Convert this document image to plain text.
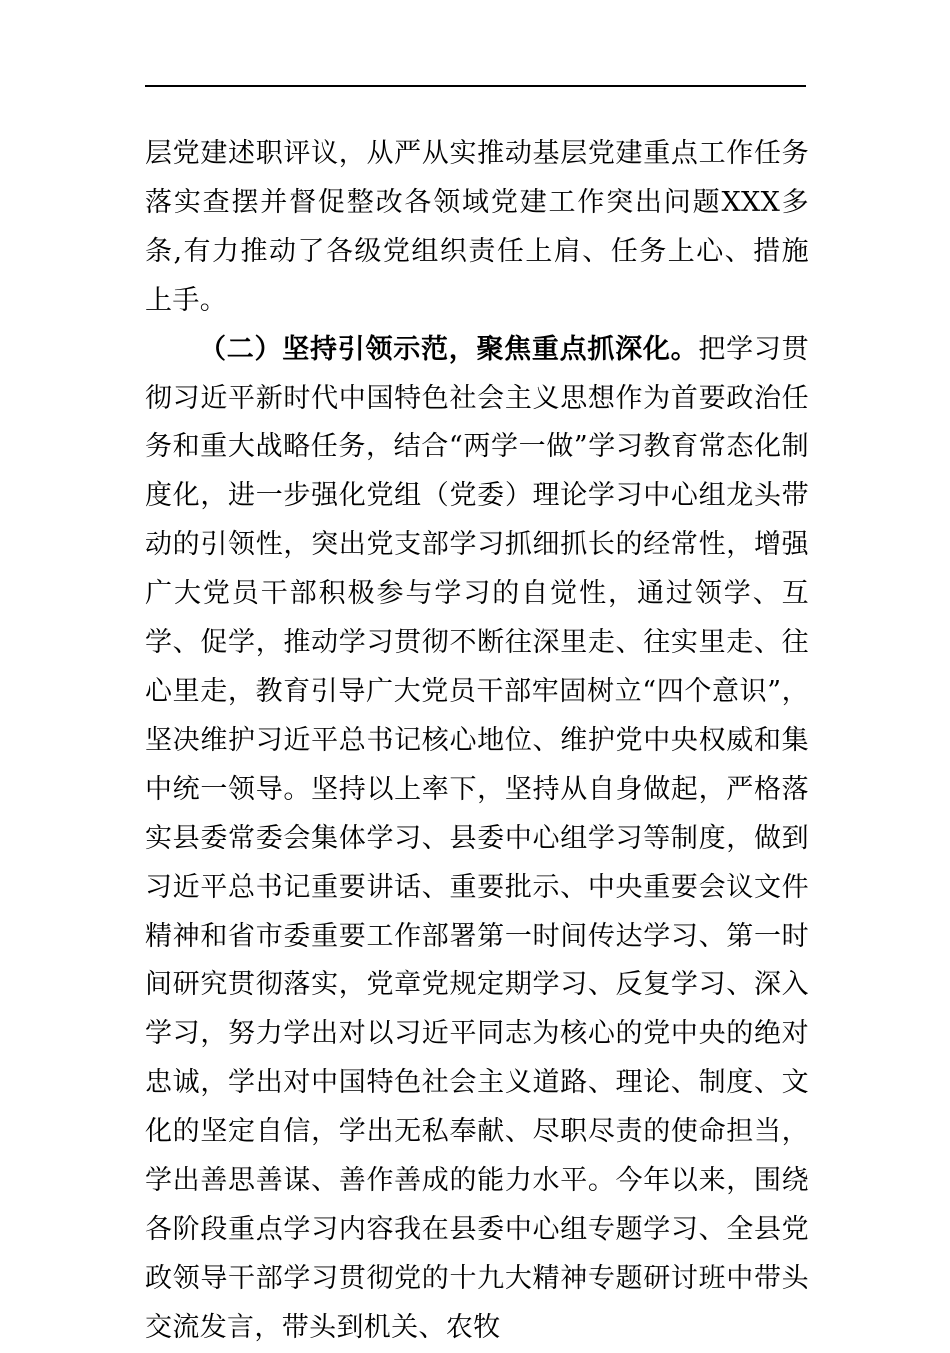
层党建述职评议，从严从实推动基层党建重点工作任务落实查摆并督促整改各领域党建工作突出问题XXX多条,有力推动了各级党组织责任上肩、任务上心、措施上手。

（二）坚持引领示范，聚焦重点抓深化。把学习贯彻习近平新时代中国特色社会主义思想作为首要政治任务和重大战略任务，结合“两学一做”学习教育常态化制度化，进一步强化党组（党委）理论学习中心组龙头带动的引领性，突出党支部学习抓细抓长的经常性，增强广大党员干部积极参与学习的自觉性，通过领学、互学、促学，推动学习贯彻不断往深里走、往实里走、往心里走，教育引导广大党员干部牢固树立“四个意识”，坚决维护习近平总书记核心地位、维护党中央权威和集中统一领导。坚持以上率下，坚持从自身做起，严格落实县委常委会集体学习、县委中心组学习等制度，做到习近平总书记重要讲话、重要批示、中央重要会议文件精神和省市委重要工作部署第一时间传达学习、第一时间研究贯彻落实，党章党规定期学习、反复学习、深入学习，努力学出对以习近平同志为核心的党中央的绝对忠诚，学出对中国特色社会主义道路、理论、制度、文化的坚定自信，学出无私奉献、尽职尽责的使命担当，学出善思善谋、善作善成的能力水平。今年以来，围绕各阶段重点学习内容我在县委中心组专题学习、全县党政领导干部学习贯彻党的十九大精神专题研讨班中带头交流发言，带头到机关、农牧
